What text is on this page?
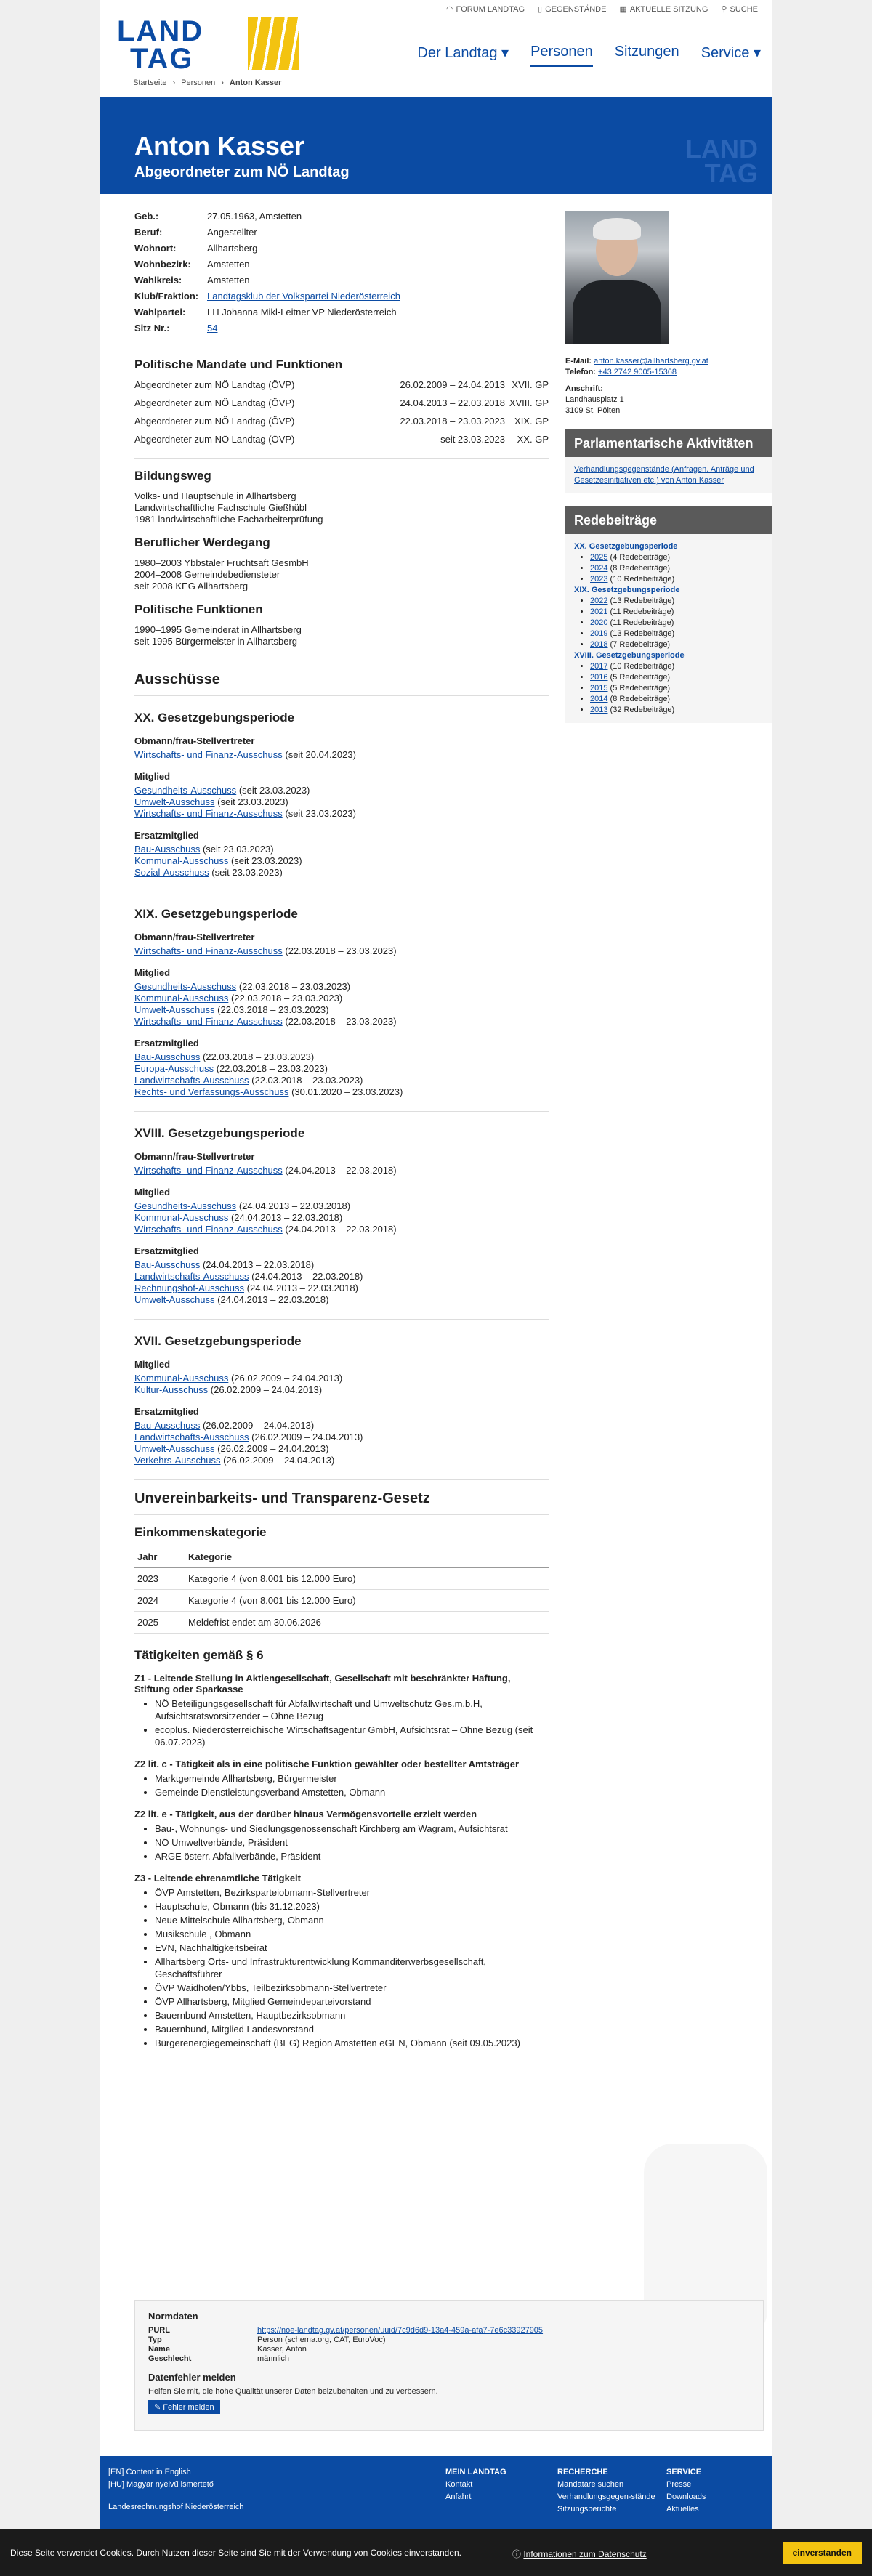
◠ FORUM LANDTAG ▯ GEGENSTÄNDE ▦ AKTUELLE SITZUNG ⚲ SUCHE
LAND
TAG	Der Landtag ▾ Personen Sitzungen Service ▾
Startseite › Personen › Anton Kasser
Anton Kasser
Abgeordneter zum NÖ Landtag
LAND
TAG
Geb.:	27.05.1963, Amstetten
Beruf:	Angestellter
Wohnort:	Allhartsberg
Wohnbezirk:	Amstetten
Wahlkreis:	Amstetten
Klub/Fraktion: Landtagsklub der Volkspartei Niederösterreich
Wahlpartei:	LH Johanna Mikl-Leitner VP Niederösterreich
Sitz Nr.:	54
Politische Mandate und Funktionen
Abgeordneter zum NÖ Landtag (ÖVP)	26.02.2009 – 24.04.2013 XVII. GP
Abgeordneter zum NÖ Landtag (ÖVP)	24.04.2013 – 22.03.2018 XVIII. GP
Abgeordneter zum NÖ Landtag (ÖVP)	22.03.2018 – 23.03.2023	XIX. GP
Abgeordneter zum NÖ Landtag (ÖVP)	seit 23.03.2023	XX. GP
Bildungsweg

Volks- und Hauptschule in Allhartsberg

Landwirtschaftliche Fachschule Gießhübl

1981 landwirtschaftliche Facharbeiterprüfung

Beruflicher Werdegang

1980–2003 Ybbstaler Fruchtsaft GesmbH

2004–2008 Gemeindebediensteter

seit 2008 KEG Allhartsberg

Politische Funktionen

1990–1995 Gemeinderat in Allhartsberg

seit 1995 Bürgermeister in Allhartsberg

Ausschüsse
XX. Gesetzgebungsperiode
Obmann/frau-Stellvertreter

Wirtschafts- und Finanz-Ausschuss (seit 20.04.2023)

Mitglied

Gesundheits-Ausschuss (seit 23.03.2023)

Umwelt-Ausschuss (seit 23.03.2023)

Wirtschafts- und Finanz-Ausschuss (seit 23.03.2023)

Ersatzmitglied

Bau-Ausschuss (seit 23.03.2023)

Kommunal-Ausschuss (seit 23.03.2023)

Sozial-Ausschuss (seit 23.03.2023)

XIX. Gesetzgebungsperiode
Obmann/frau-Stellvertreter

Wirtschafts- und Finanz-Ausschuss (22.03.2018 – 23.03.2023)

Mitglied

Gesundheits-Ausschuss (22.03.2018 – 23.03.2023)

Kommunal-Ausschuss (22.03.2018 – 23.03.2023)

Umwelt-Ausschuss (22.03.2018 – 23.03.2023)

Wirtschafts- und Finanz-Ausschuss (22.03.2018 – 23.03.2023)

Ersatzmitglied

Bau-Ausschuss (22.03.2018 – 23.03.2023)

Europa-Ausschuss (22.03.2018 – 23.03.2023)

Landwirtschafts-Ausschuss (22.03.2018 – 23.03.2023)

Rechts- und Verfassungs-Ausschuss (30.01.2020 – 23.03.2023)

XVIII. Gesetzgebungsperiode
Obmann/frau-Stellvertreter

Wirtschafts- und Finanz-Ausschuss (24.04.2013 – 22.03.2018)

Mitglied

Gesundheits-Ausschuss (24.04.2013 – 22.03.2018)

Kommunal-Ausschuss (24.04.2013 – 22.03.2018)

Wirtschafts- und Finanz-Ausschuss (24.04.2013 – 22.03.2018)

Ersatzmitglied

Bau-Ausschuss (24.04.2013 – 22.03.2018)

Landwirtschafts-Ausschuss (24.04.2013 – 22.03.2018)

Rechnungshof-Ausschuss (24.04.2013 – 22.03.2018)

Umwelt-Ausschuss (24.04.2013 – 22.03.2018)

XVII. Gesetzgebungsperiode
Mitglied

Kommunal-Ausschuss (26.02.2009 – 24.04.2013)

Kultur-Ausschuss (26.02.2009 – 24.04.2013)

Ersatzmitglied

Bau-Ausschuss (26.02.2009 – 24.04.2013)

Landwirtschafts-Ausschuss (26.02.2009 – 24.04.2013)

Umwelt-Ausschuss (26.02.2009 – 24.04.2013)

Verkehrs-Ausschuss (26.02.2009 – 24.04.2013)

Unvereinbarkeits- und Transparenz-Gesetz
Einkommenskategorie
Jahr	Kategorie
2023	Kategorie 4 (von 8.001 bis 12.000 Euro)
2024	Kategorie 4 (von 8.001 bis 12.000 Euro)
2025	Meldefrist endet am 30.06.2026
Tätigkeiten gemäß § 6
Z1 - Leitende Stellung in Aktiengesellschaft, Gesellschaft mit beschränkter Haftung, Stiftung oder Sparkasse
• NÖ Beteiligungsgesellschaft für Abfallwirtschaft und Umweltschutz Ges.m.b.H, Aufsichtsratsvorsitzender – Ohne Bezug
• ecoplus. Niederösterreichische Wirtschaftsagentur GmbH, Aufsichtsrat – Ohne Bezug (seit 06.07.2023)
Z2 lit. c - Tätigkeit als in eine politische Funktion gewählter oder bestellter Amtsträger
• Marktgemeinde Allhartsberg, Bürgermeister
• Gemeinde Dienstleistungsverband Amstetten, Obmann
Z2 lit. e - Tätigkeit, aus der darüber hinaus Vermögensvorteile erzielt werden
• Bau-, Wohnungs- und Siedlungsgenossenschaft Kirchberg am Wagram, Aufsichtsrat
• NÖ Umweltverbände, Präsident
• ARGE österr. Abfallverbände, Präsident
Z3 - Leitende ehrenamtliche Tätigkeit
• ÖVP Amstetten, Bezirksparteiobmann-Stellvertreter
• Hauptschule, Obmann (bis 31.12.2023)
• Neue Mittelschule Allhartsberg, Obmann
• Musikschule , Obmann
• EVN, Nachhaltigkeitsbeirat
• Allhartsberg Orts- und Infrastrukturentwicklung Kommanditerwerbsgesellschaft, Geschäftsführer
• ÖVP Waidhofen/Ybbs, Teilbezirksobmann-Stellvertreter
• ÖVP Allhartsberg, Mitglied Gemeindeparteivorstand
• Bauernbund Amstetten, Hauptbezirksobmann
• Bauernbund, Mitglied Landesvorstand
• Bürgerenergiegemeinschaft (BEG) Region Amstetten eGEN, Obmann (seit 09.05.2023)
E-Mail: anton.kasser@allhartsberg.gv.at
Telefon: +43 2742 9005-15368
Anschrift:
Landhausplatz 1
3109 St. Pölten
Parlamentarische Aktivitäten
Verhandlungsgegenstände (Anfragen, Anträge und Gesetzesinitiativen etc.) von Anton Kasser
Redebeiträge
XX. Gesetzgebungsperiode
• 2025 (4 Redebeiträge)
• 2024 (8 Redebeiträge)
• 2023 (10 Redebeiträge)
XIX. Gesetzgebungsperiode
• 2022 (13 Redebeiträge)
• 2021 (11 Redebeiträge)
• 2020 (11 Redebeiträge)
• 2019 (13 Redebeiträge)
• 2018 (7 Redebeiträge)
XVIII. Gesetzgebungsperiode
• 2017 (10 Redebeiträge)
• 2016 (5 Redebeiträge)
• 2015 (5 Redebeiträge)
• 2014 (8 Redebeiträge)
• 2013 (32 Redebeiträge)
Normdaten
PURL	https://noe-landtag.gv.at/personen/uuid/7c9d6d9-13a4-459a-afa7-7e6c33927905
Typ	Person (schema.org, CAT, EuroVoc)
Name	Kasser, Anton
Geschlecht	männlich
Datenfehler melden
Helfen Sie mit, die hohe Qualität unserer Daten beizubehalten und zu verbessern.
✎ Fehler melden
[EN] Content in English
[HU] Magyar nyelvű ismertető
Landesrechnungshof Niederösterreich
MEIN LANDTAG
Kontakt
Anfahrt
RECHERCHE
Mandatare suchen
Verhandlungsgegen-stände
Sitzungsberichte
SERVICE
Presse
Downloads
Aktuelles
Diese Seite verwendet Cookies. Durch Nutzen dieser Seite sind Sie mit der Verwendung von Cookies einverstanden.	ⓘ Informationen zum Datenschutz	einverstanden
